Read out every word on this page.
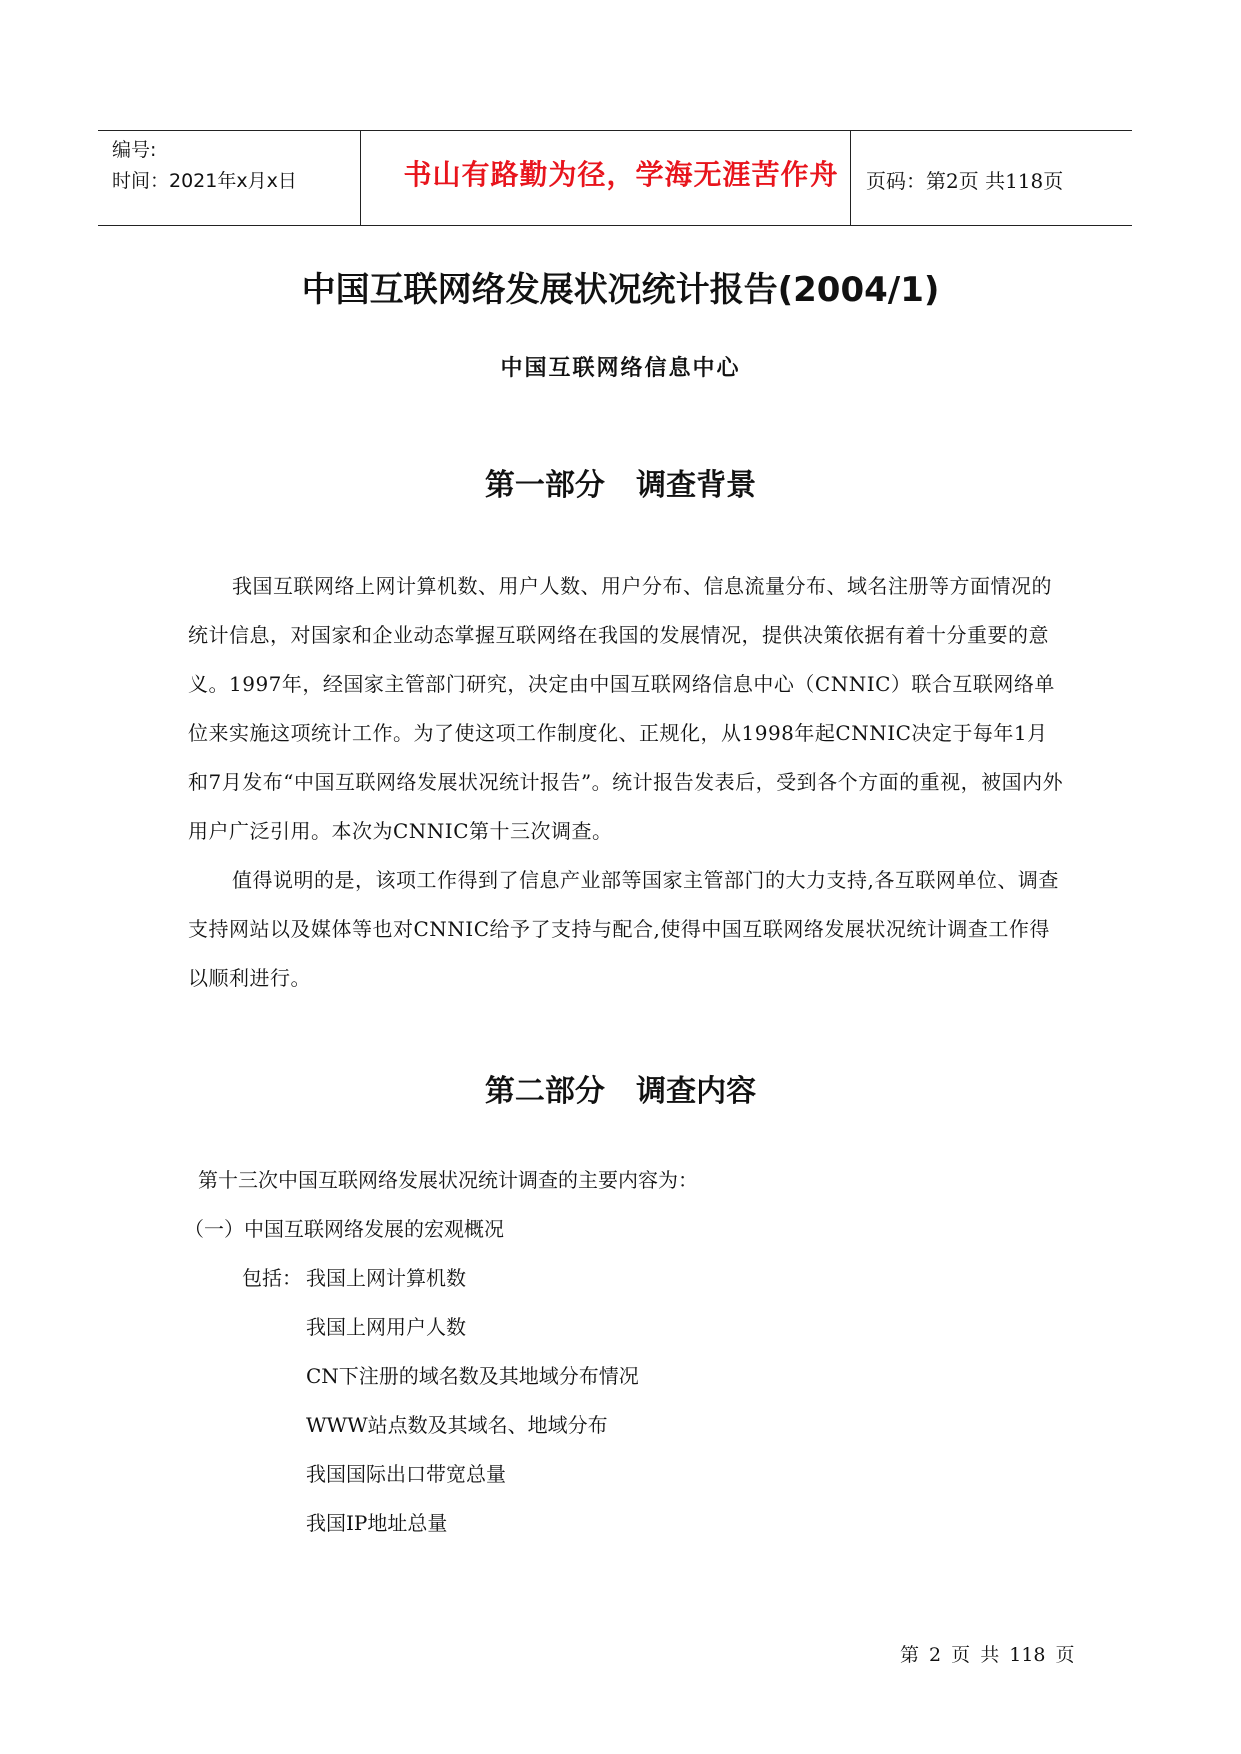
编号:
时间：2021年x月x日	书山有路勤为径，学海无涯苦作舟	页码：第2页 共118页
中国互联网络发展状况统计报告(2004/1)
中国互联网络信息中心
第一部分   调查背景

我国互联网络上网计算机数、用户人数、用户分布、信息流量分布、域名注册等方面情况的统计信息，对国家和企业动态掌握互联网络在我国的发展情况，提供决策依据有着十分重要的意义。1997年，经国家主管部门研究，决定由中国互联网络信息中心（CNNIC）联合互联网络单位来实施这项统计工作。为了使这项工作制度化、正规化，从1998年起CNNIC决定于每年1月和7月发布“中国互联网络发展状况统计报告”。统计报告发表后，受到各个方面的重视，被国内外用户广泛引用。本次为CNNIC第十三次调查。

值得说明的是，该项工作得到了信息产业部等国家主管部门的大力支持,各互联网单位、调查支持网站以及媒体等也对CNNIC给予了支持与配合,使得中国互联网络发展状况统计调查工作得以顺利进行。

第二部分   调查内容
第十三次中国互联网络发展状况统计调查的主要内容为：
（一）中国互联网络发展的宏观概况
包括： 我国上网计算机数
我国上网用户人数
CN下注册的域名数及其地域分布情况
WWW站点数及其域名、地域分布
我国国际出口带宽总量
我国IP地址总量
第 2 页 共 118 页
